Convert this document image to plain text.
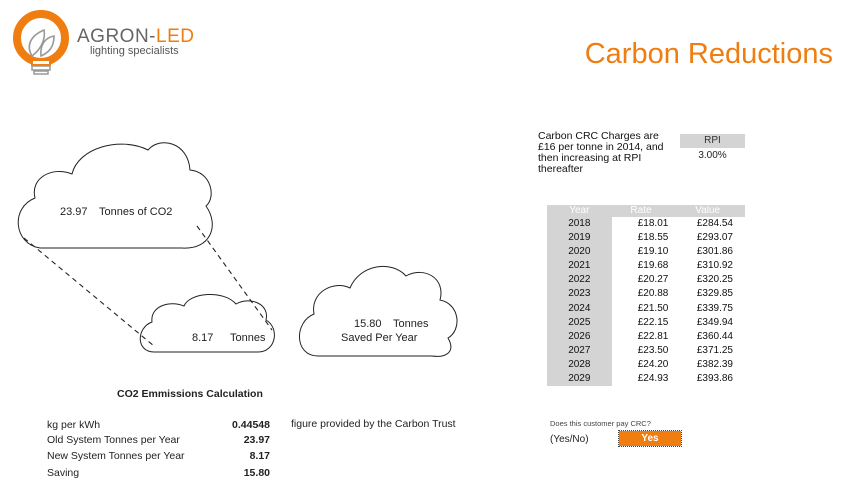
AGRON-LED
lighting specialists	Carbon Reductions
23.97 Tonnes of CO2
8.17 Tonnes
15.80 Tonnes
Saved Per Year
Carbon CRC Charges are £16 per tonne in 2014, and then increasing at RPI thereafter
RPI
3.00%
Year	Rate	Value
2018	£18.01	£284.54
2019	£18.55	£293.07
2020	£19.10	£301.86
2021	£19.68	£310.92
2022	£20.27	£320.25
2023	£20.88	£329.85
2024	£21.50	£339.75
2025	£22.15	£349.94
2026	£22.81	£360.44
2027	£23.50	£371.25
2028	£24.20	£382.39
2029	£24.93	£393.86
CO2 Emmissions Calculation
kg per kWh	0.44548
Old System Tonnes per Year	23.97
New System Tonnes per Year	8.17
Saving	15.80
figure provided by the Carbon Trust	Does this customer pay CRC?
(Yes/No)	Yes
